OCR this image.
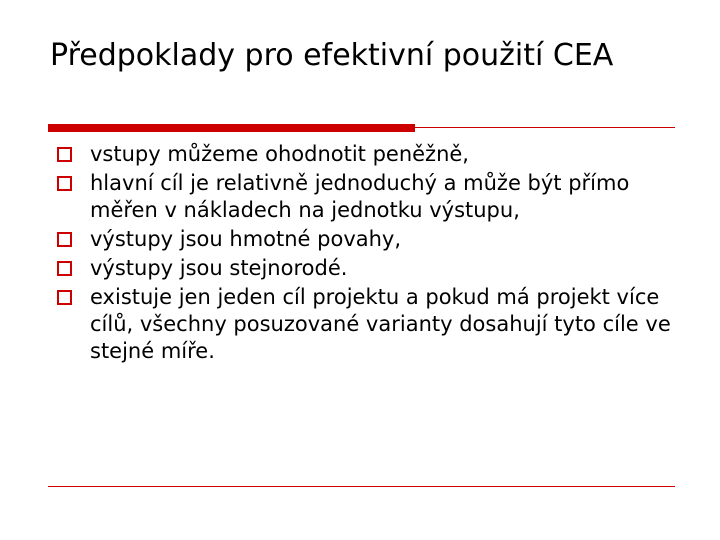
Předpoklady pro efektivní použití CEA
vstupy můžeme ohodnotit peněžně,
hlavní cíl je relativně jednoduchý a může být přímo měřen v nákladech na jednotku výstupu,
výstupy jsou hmotné povahy,
výstupy jsou stejnorodé.
existuje jen jeden cíl projektu a pokud má projekt více cílů, všechny posuzované varianty dosahují tyto cíle ve stejné míře.
